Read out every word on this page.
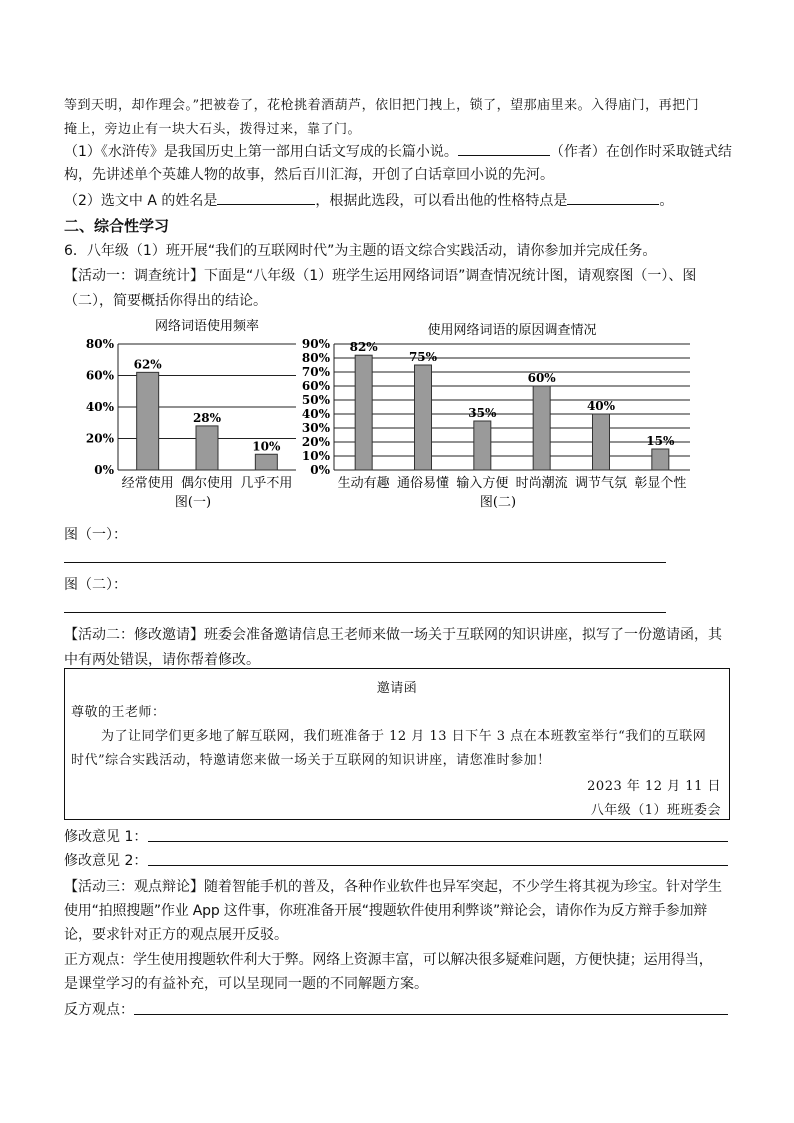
等到天明，却作理会。”把被卷了，花枪挑着酒葫芦，依旧把门拽上，锁了，望那庙里来。入得庙门，再把门
掩上，旁边止有一块大石头，拨得过来，靠了门。
（1）《水浒传》是我国历史上第一部用白话文写成的长篇小说。	（作者）在创作时采取链式结
构，先讲述单个英雄人物的故事，然后百川汇海，开创了白话章回小说的先河。
（2）选文中 A 的姓名是	，根据此选段，可以看出他的性格特点是	。
二、综合性学习
6．八年级（1）班开展“我们的互联网时代”为主题的语文综合实践活动，请你参加并完成任务。
【活动一：调查统计】下面是“八年级（1）班学生运用网络词语”调查情况统计图，请观察图（一）、图
（二），简要概括你得出的结论。
0%
20%
40%
60%
80%
62%
经常使用
28%
偶尔使用
10%
几乎不用
网络词语使用频率
图(一)
0%
10%
20%
30%
40%
50%
60%
70%
80%
90% 82%
生动有趣
75%
通俗易懂
35%
输入方便
60%
时尚潮流
40%
调节气氛
15%
彰显个性
使用网络词语的原因调查情况
图(二)
图（一）：
图（二）：
【活动二：修改邀请】班委会准备邀请信息王老师来做一场关于互联网的知识讲座，拟写了一份邀请函，其
中有两处错误，请你帮着修改。
邀请函
尊敬的王老师：
为了让同学们更多地了解互联网，我们班准备于 12 月 13 日下午 3 点在本班教室举行“我们的互联网
时代”综合实践活动，特邀请您来做一场关于互联网的知识讲座，请您准时参加！
2023 年 12 月 11 日
八年级（1）班班委会
修改意见 1：
修改意见 2：
【活动三：观点辩论】随着智能手机的普及，各种作业软件也异军突起，不少学生将其视为珍宝。针对学生
使用“拍照搜题”作业 App 这件事，你班准备开展“搜题软件使用利弊谈”辩论会，请你作为反方辩手参加辩
论，要求针对正方的观点展开反驳。
正方观点：学生使用搜题软件利大于弊。网络上资源丰富，可以解决很多疑难问题，方便快捷；运用得当，
是课堂学习的有益补充，可以呈现同一题的不同解题方案。
反方观点：
